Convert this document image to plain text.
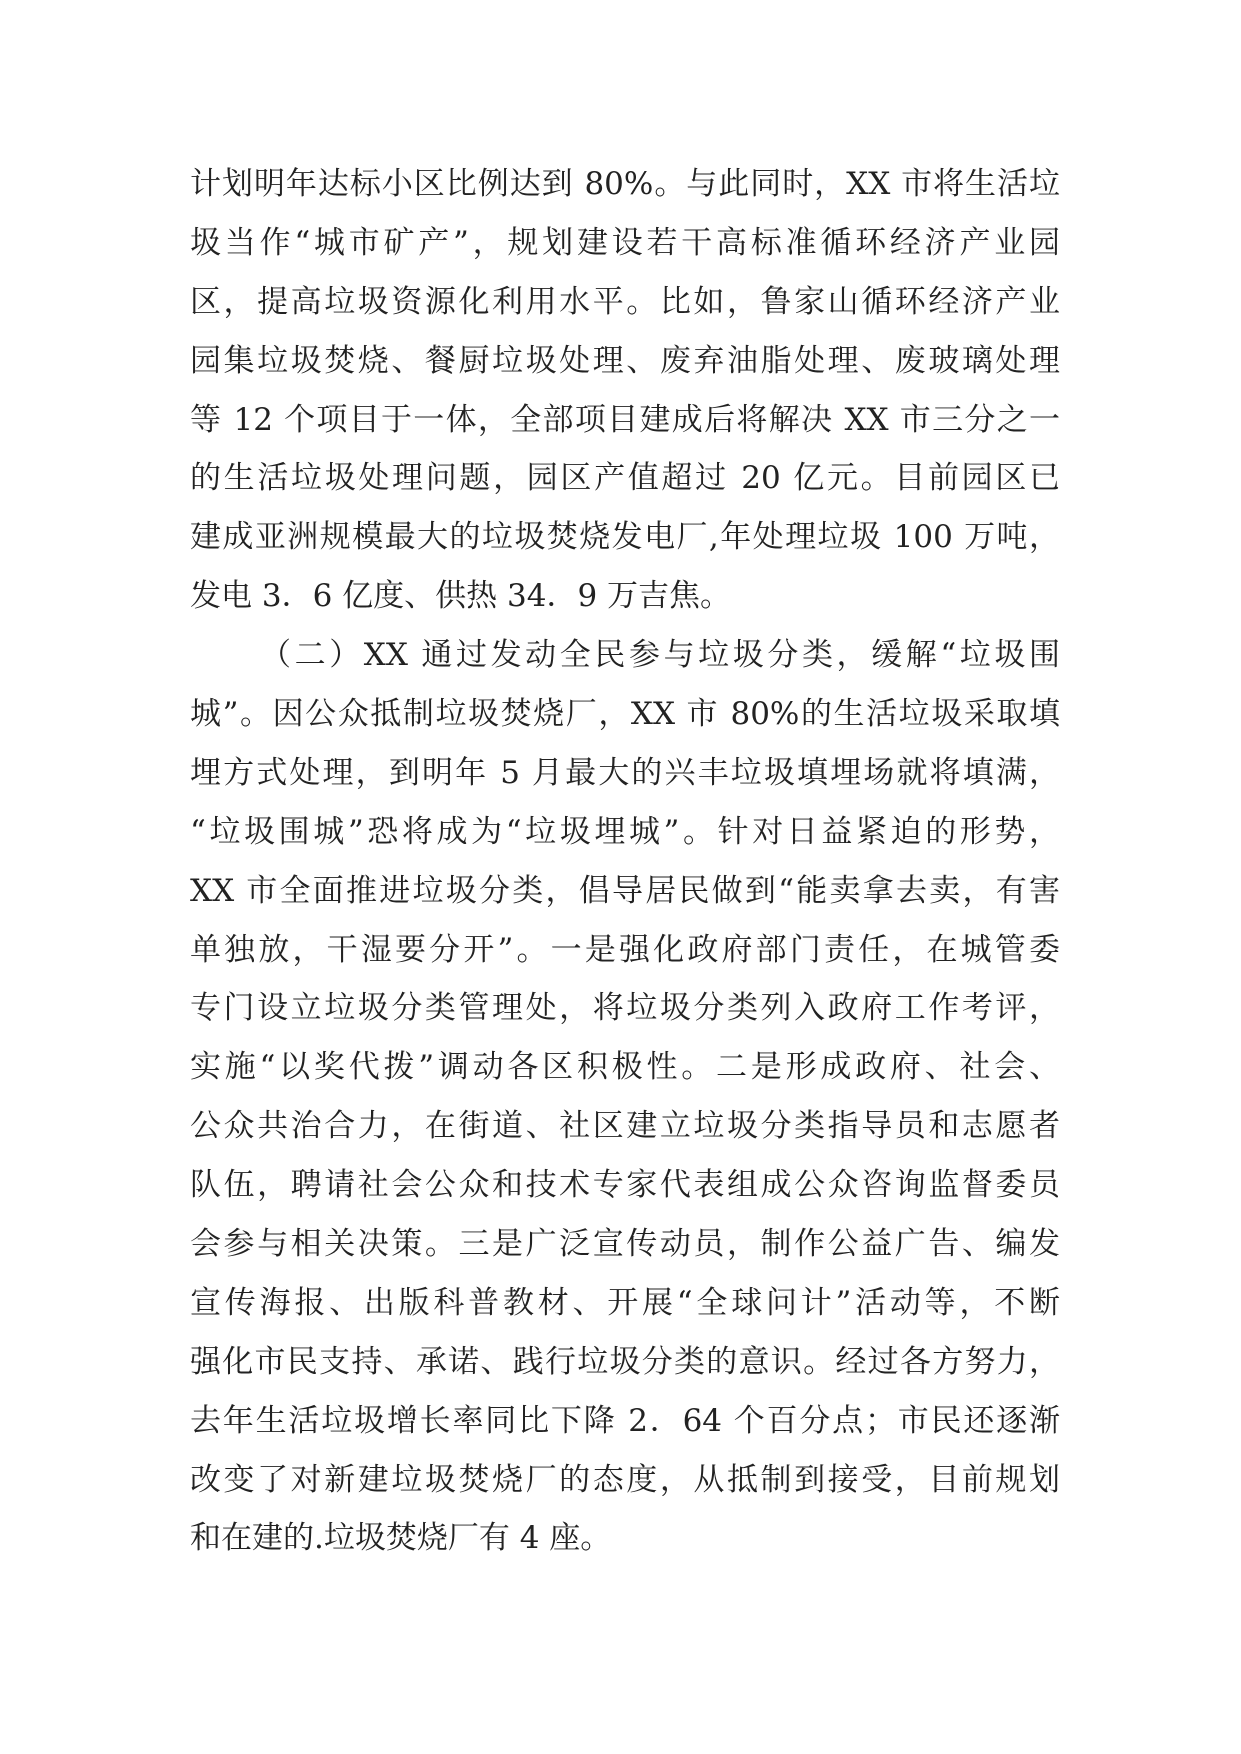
计划明年达标小区比例达到 80%。与此同时，XX 市将生活垃
圾当作“城市矿产”，规划建设若干高标准循环经济产业园
区，提高垃圾资源化利用水平。比如，鲁家山循环经济产业
园集垃圾焚烧、餐厨垃圾处理、废弃油脂处理、废玻璃处理
等 12 个项目于一体，全部项目建成后将解决 XX 市三分之一
的生活垃圾处理问题，园区产值超过 20 亿元。目前园区已
建成亚洲规模最大的垃圾焚烧发电厂,年处理垃圾 100 万吨，
发电 3．6 亿度、供热 34．9 万吉焦。
（二）XX 通过发动全民参与垃圾分类，缓解“垃圾围
城”。因公众抵制垃圾焚烧厂，XX 市 80%的生活垃圾采取填
埋方式处理，到明年 5 月最大的兴丰垃圾填埋场就将填满，
“垃圾围城”恐将成为“垃圾埋城”。针对日益紧迫的形势，
XX 市全面推进垃圾分类，倡导居民做到“能卖拿去卖，有害
单独放，干湿要分开”。一是强化政府部门责任，在城管委
专门设立垃圾分类管理处，将垃圾分类列入政府工作考评，
实施“以奖代拨”调动各区积极性。二是形成政府、社会、
公众共治合力，在街道、社区建立垃圾分类指导员和志愿者
队伍，聘请社会公众和技术专家代表组成公众咨询监督委员
会参与相关决策。三是广泛宣传动员，制作公益广告、编发
宣传海报、出版科普教材、开展“全球问计”活动等，不断
强化市民支持、承诺、践行垃圾分类的意识。经过各方努力，
去年生活垃圾增长率同比下降 2．64 个百分点；市民还逐渐
改变了对新建垃圾焚烧厂的态度，从抵制到接受，目前规划
和在建的.垃圾焚烧厂有 4 座。
